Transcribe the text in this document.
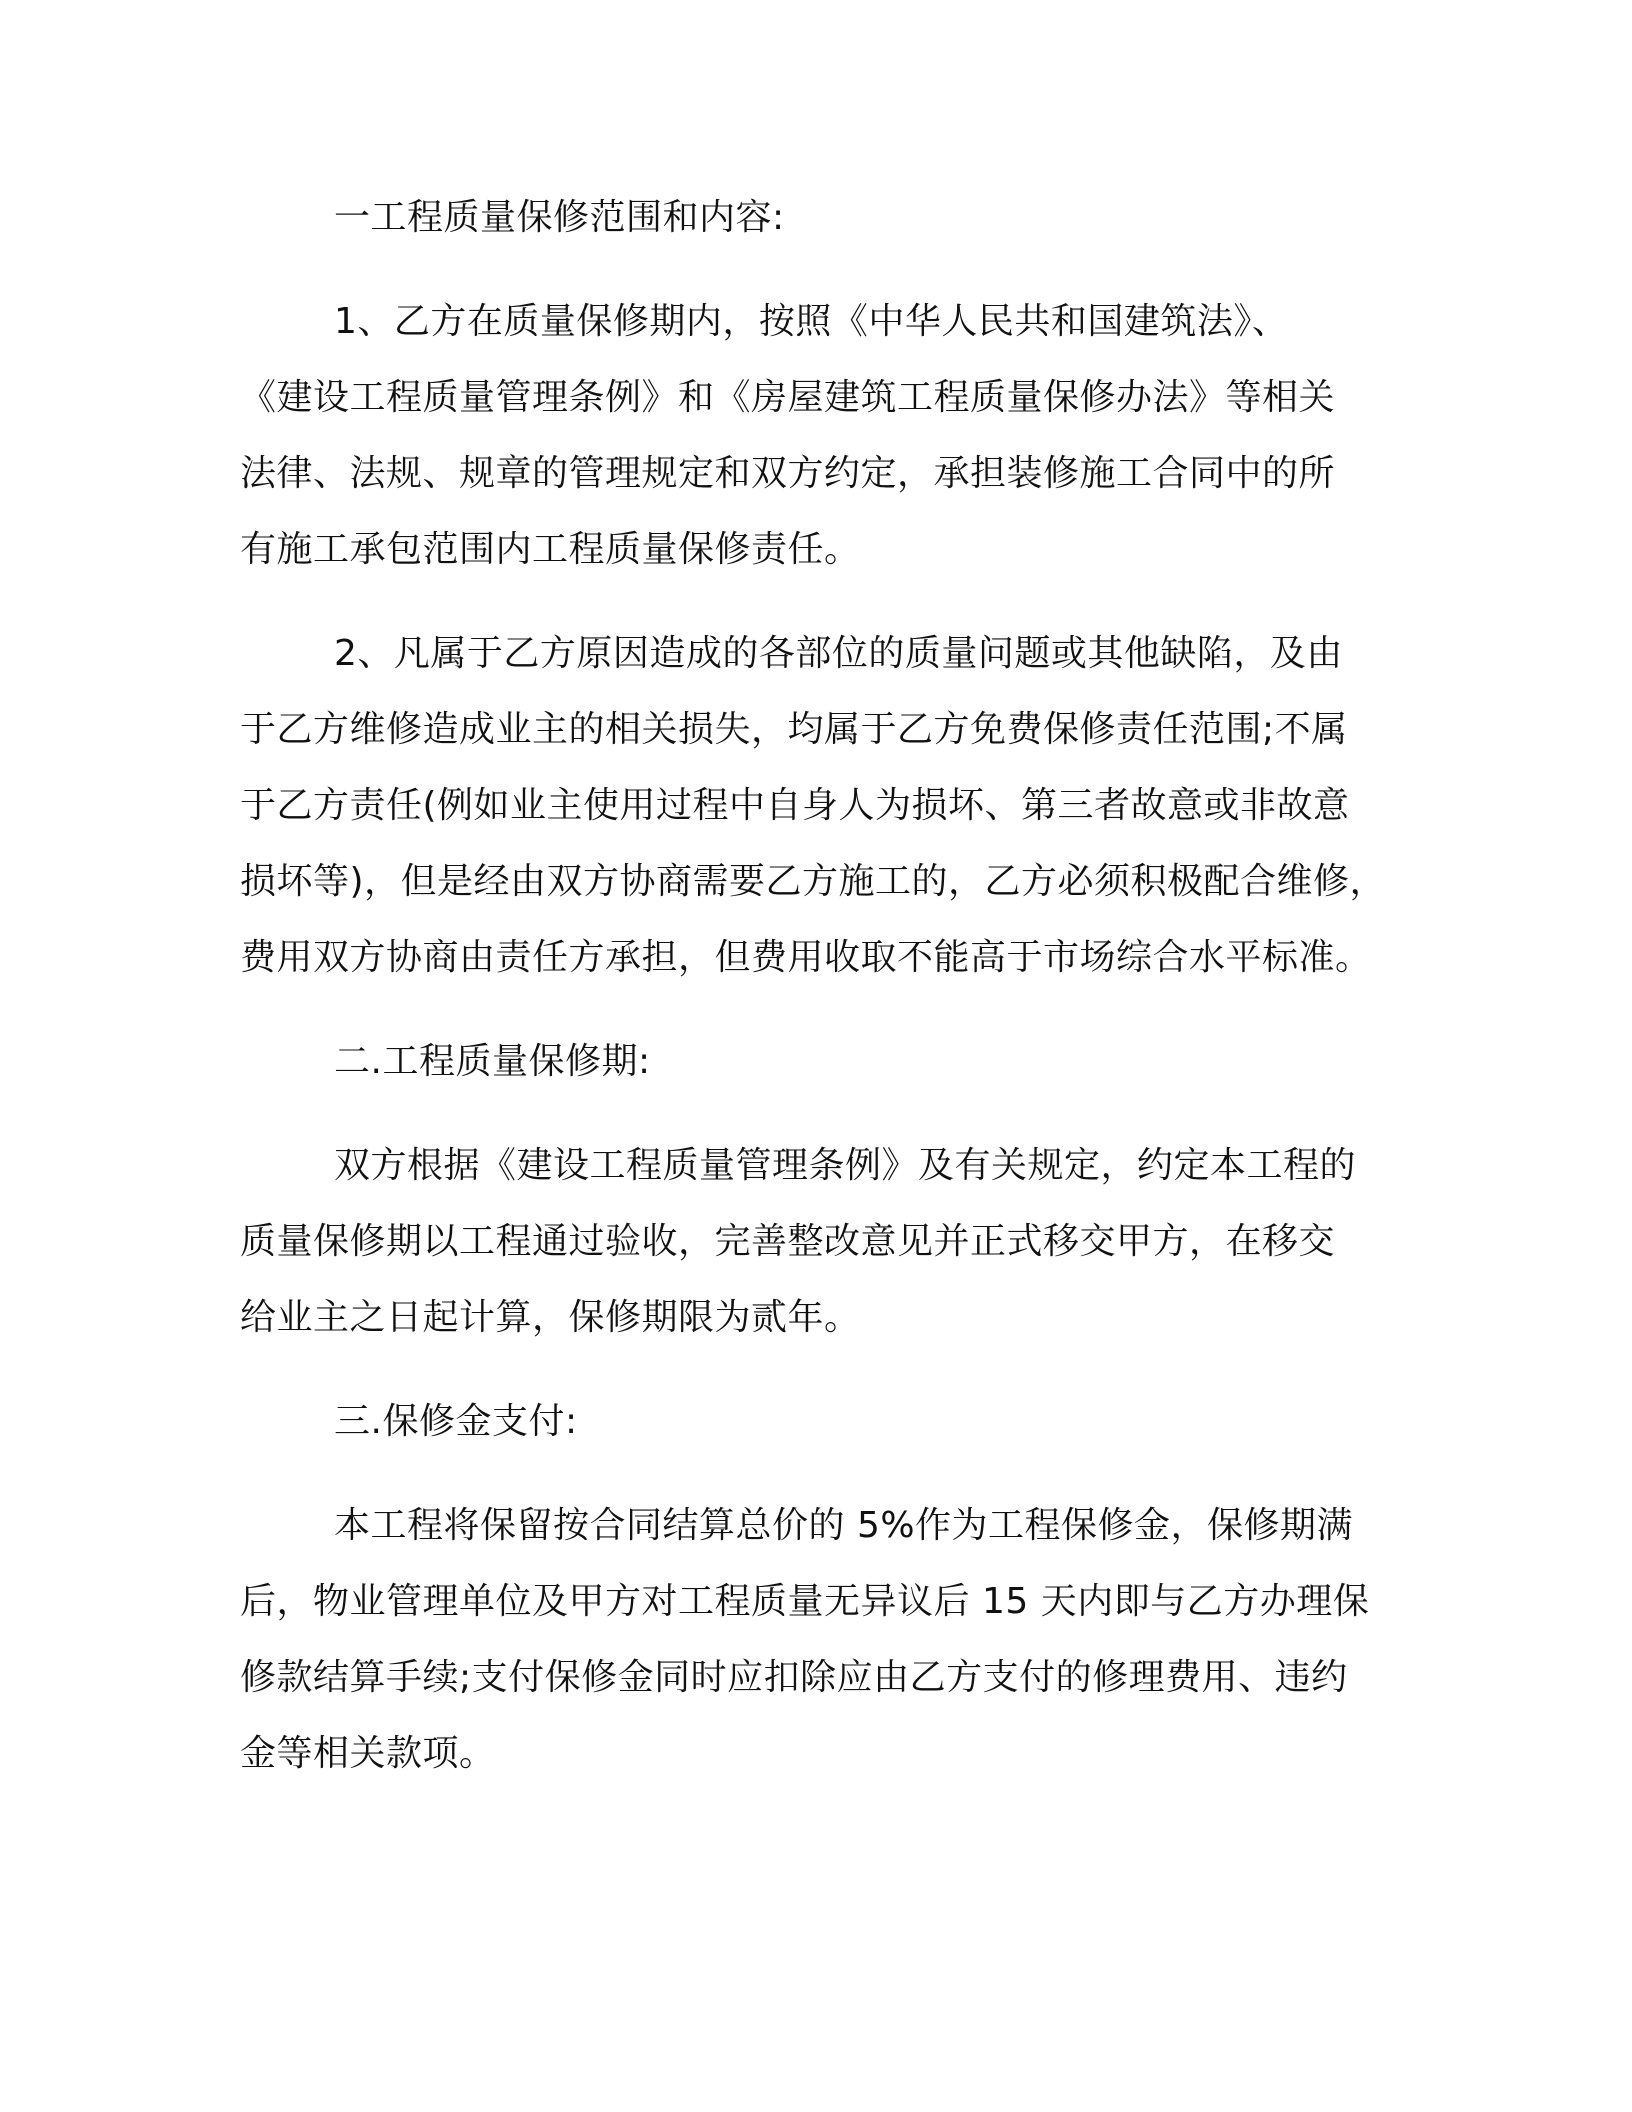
一工程质量保修范围和内容:
1、乙方在质量保修期内，按照《中华人民共和国建筑法》、
《建设工程质量管理条例》和《房屋建筑工程质量保修办法》等相关
法律、法规、规章的管理规定和双方约定，承担装修施工合同中的所
有施工承包范围内工程质量保修责任。
2、凡属于乙方原因造成的各部位的质量问题或其他缺陷，及由
于乙方维修造成业主的相关损失，均属于乙方免费保修责任范围;不属
于乙方责任(例如业主使用过程中自身人为损坏、第三者故意或非故意
损坏等)，但是经由双方协商需要乙方施工的，乙方必须积极配合维修，
费用双方协商由责任方承担，但费用收取不能高于市场综合水平标准。
二.工程质量保修期:
双方根据《建设工程质量管理条例》及有关规定，约定本工程的
质量保修期以工程通过验收，完善整改意见并正式移交甲方，在移交
给业主之日起计算，保修期限为贰年。
三.保修金支付:
本工程将保留按合同结算总价的 5%作为工程保修金，保修期满
后，物业管理单位及甲方对工程质量无异议后 15 天内即与乙方办理保
修款结算手续;支付保修金同时应扣除应由乙方支付的修理费用、违约
金等相关款项。
